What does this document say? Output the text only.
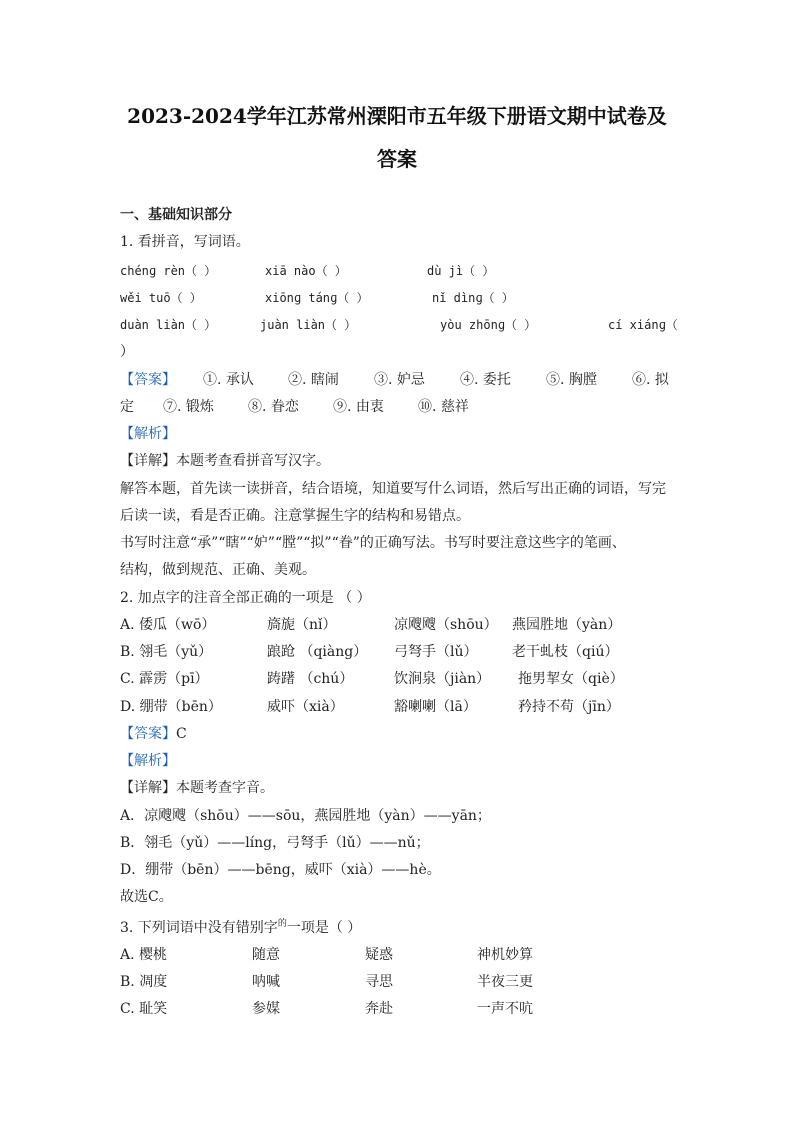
2023-2024学年江苏常州溧阳市五年级下册语文期中试卷及
答案
一、基础知识部分
1. 看拼音，写词语。
chénɡ rèn（ ）	xiā nào（ ）	dù jì（ ）
wěi tuō（ ）	xiōnɡ tánɡ（ ）	nǐ dìnɡ（ ）
duàn liàn（ ）	juàn liàn（ ）	yòu zhōnɡ（ ）	cí xiánɡ（
）
【答案】 ①. 承认 ②. 瞎闹	③. 妒忌	④. 委托	⑤. 胸膛	⑥. 拟
定 ⑦. 锻炼 ⑧. 眷恋 ⑨. 由衷 ⑩. 慈祥
【解析】
【详解】本题考查看拼音写汉字。
解答本题，首先读一读拼音，结合语境，知道要写什么词语，然后写出正确的词语，写完
后读一读，看是否正确。注意掌握生字的结构和易错点。
书写时注意“承”“瞎”“妒”“膛”“拟”“眷”的正确写法。书写时要注意这些字的笔画、
结构，做到规范、正确、美观。
2. 加点字的注音全部正确的一项是 （ ）
A. 倭瓜（wō）	旖旎（nǐ）	凉飕飕（shōu） 燕园胜地（yàn）
B. 翎毛（yǔ）	踉跄 （qiàng） 弓弩手（lǔ） 老干虬枝（qiú）
C. 霹雳（pī）	踌躇 （chú）	饮涧泉（jiàn） 拖男挈女（qiè）
D. 绷带（bēn）	威吓（xià）	豁喇喇（lā）	矜持不苟（jīn）
【答案】C
【解析】
【详解】本题考查字音。
A．凉飕飕（shōu）——sōu，燕园胜地（yàn）——yān；
B．翎毛（yǔ）——líng，弓弩手（lǔ）——nǔ；
D．绷带（bēn）——bēng，威吓（xià）——hè。
故选C。
3. 下列词语中没有错别字$^的$一项是（ ）
A. 樱桃	随意	疑惑	神机妙算
B. 凋度	呐喊	寻思	半夜三更
C. 耻笑	参媒	奔赴	一声不吭
